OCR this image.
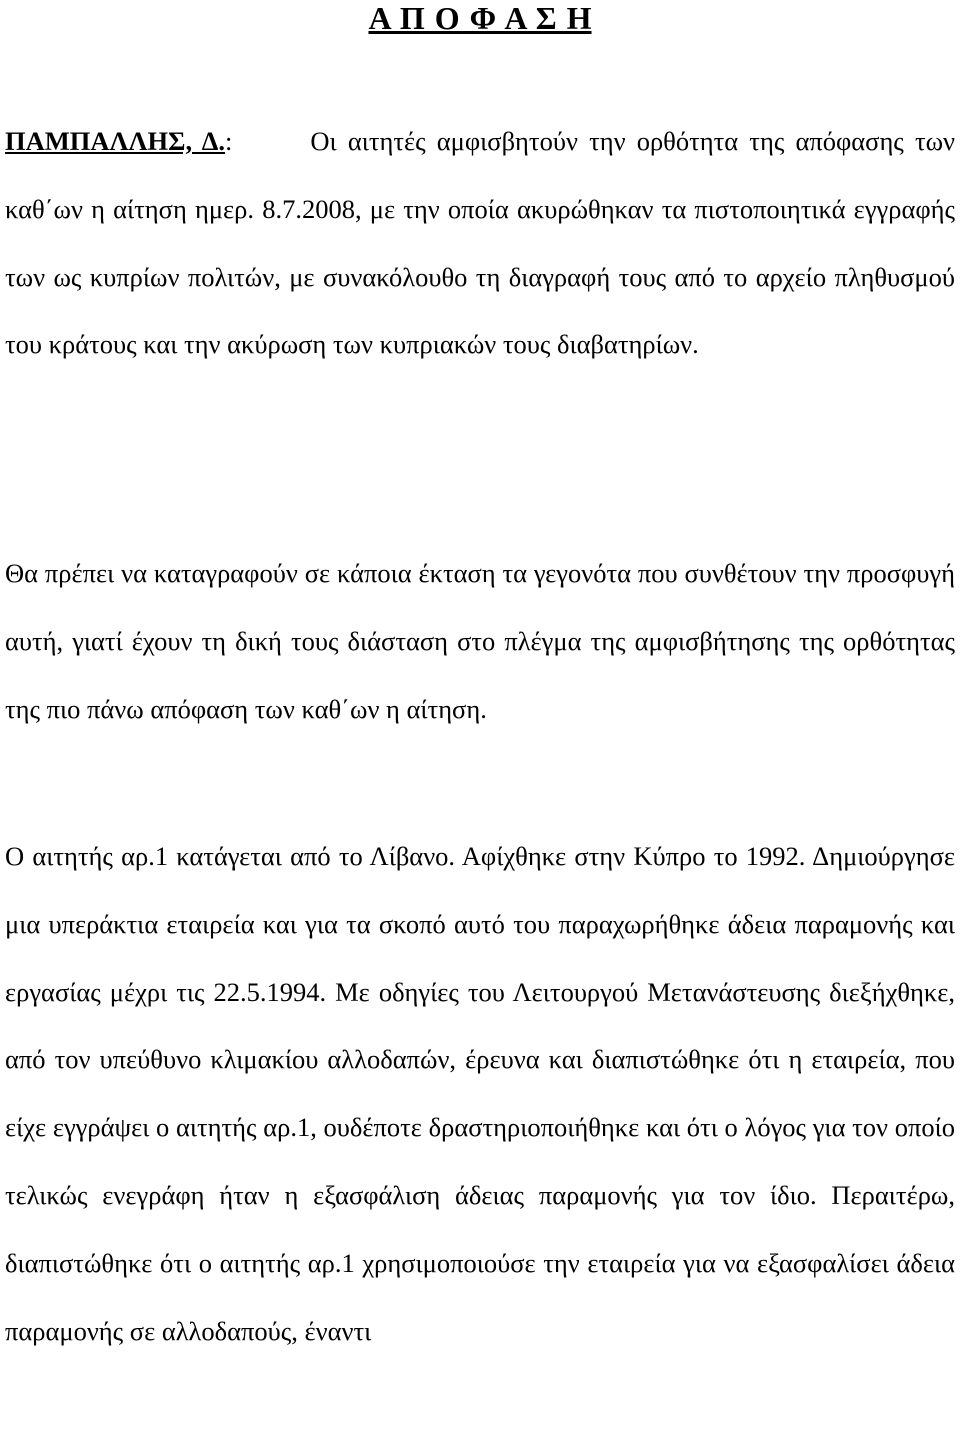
Α Π Ο Φ Α Σ Η

ΠΑΜΠΑΛΛΗΣ, Δ.:	Οι αιτητές αμφισβητούν την ορθότητα της απόφασης των καθ΄ων η αίτηση ημερ. 8.7.2008, με την οποία ακυρώθηκαν τα πιστοποιητικά εγγραφής των ως κυπρίων πολιτών, με συνακόλουθο τη διαγραφή τους από το αρχείο πληθυσμού του κράτους και την ακύρωση των κυπριακών τους διαβατηρίων.

Θα πρέπει να καταγραφούν σε κάποια έκταση τα γεγονότα που συνθέτουν την προσφυγή αυτή, γιατί έχουν τη δική τους διάσταση στο πλέγμα της αμφισβήτησης της ορθότητας της πιο πάνω απόφαση των καθ΄ων η αίτηση.

Ο αιτητής αρ.1 κατάγεται από το Λίβανο. Αφίχθηκε στην Κύπρο το 1992. Δημιούργησε μια υπεράκτια εταιρεία και για τα σκοπό αυτό του παραχωρήθηκε άδεια παραμονής και εργασίας μέχρι τις 22.5.1994. Με οδηγίες του Λειτουργού Μετανάστευσης διεξήχθηκε, από τον υπεύθυνο κλιμακίου αλλοδαπών, έρευνα και διαπιστώθηκε ότι η εταιρεία, που είχε εγγράψει ο αιτητής αρ.1, ουδέποτε δραστηριοποιήθηκε και ότι ο λόγος για τον οποίο τελικώς ενεγράφη ήταν η εξασφάλιση άδειας παραμονής για τον ίδιο. Περαιτέρω, διαπιστώθηκε ότι ο αιτητής αρ.1 χρησιμοποιούσε την εταιρεία για να εξασφαλίσει άδεια παραμονής σε αλλοδαπούς, έναντι
